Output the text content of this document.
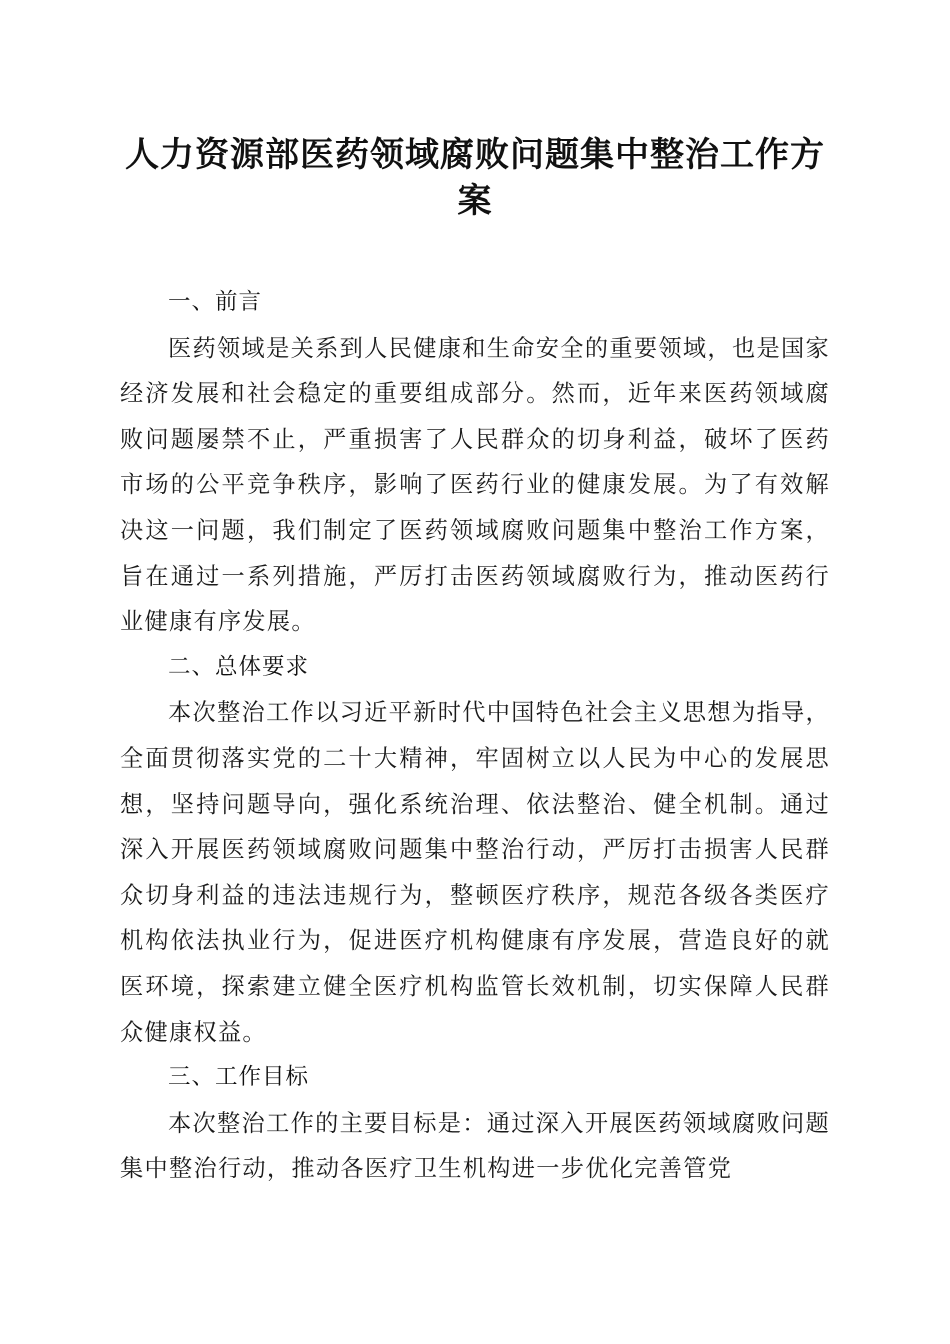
人力资源部医药领域腐败问题集中整治工作方案
一、前言

医药领域是关系到人民健康和生命安全的重要领域，也是国家经济发展和社会稳定的重要组成部分。然而，近年来医药领域腐败问题屡禁不止，严重损害了人民群众的切身利益，破坏了医药市场的公平竞争秩序，影响了医药行业的健康发展。为了有效解决这一问题，我们制定了医药领域腐败问题集中整治工作方案，旨在通过一系列措施，严厉打击医药领域腐败行为，推动医药行业健康有序发展。

二、总体要求

本次整治工作以习近平新时代中国特色社会主义思想为指导，全面贯彻落实党的二十大精神，牢固树立以人民为中心的发展思想，坚持问题导向，强化系统治理、依法整治、健全机制。通过深入开展医药领域腐败问题集中整治行动，严厉打击损害人民群众切身利益的违法违规行为，整顿医疗秩序，规范各级各类医疗机构依法执业行为，促进医疗机构健康有序发展，营造良好的就医环境，探索建立健全医疗机构监管长效机制，切实保障人民群众健康权益。

三、工作目标

本次整治工作的主要目标是：通过深入开展医药领域腐败问题集中整治行动，推动各医疗卫生机构进一步优化完善管党
